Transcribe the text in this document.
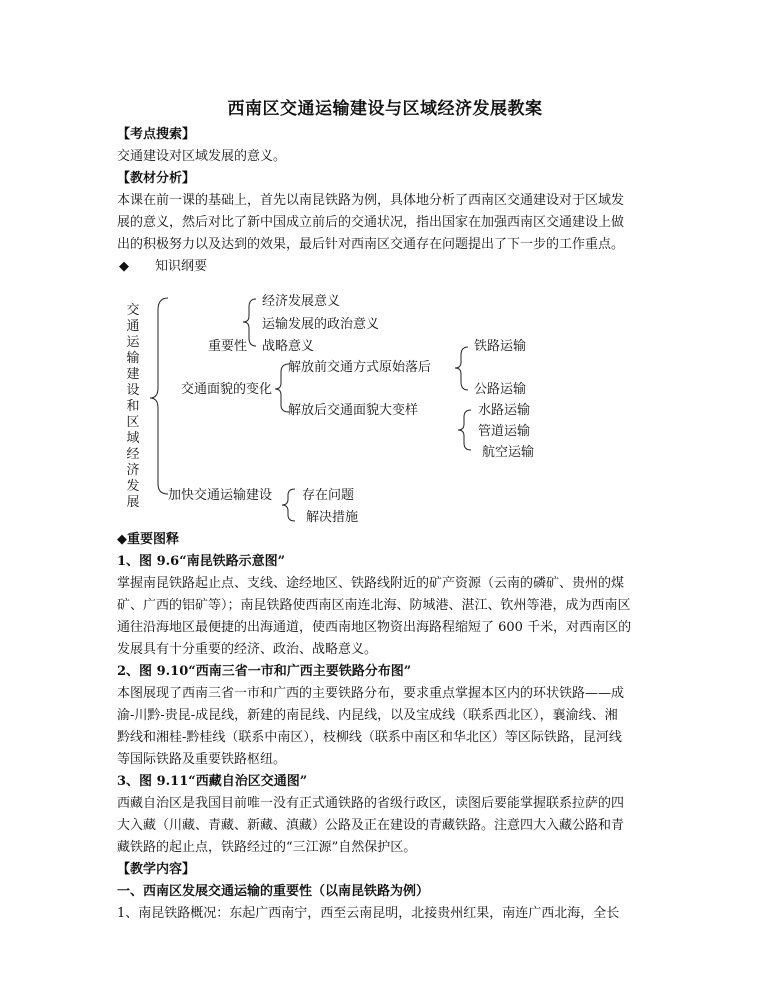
西南区交通运输建设与区域经济发展教案
【考点搜索】
交通建设对区域发展的意义。
【教材分析】
本课在前一课的基础上，首先以南昆铁路为例，具体地分析了西南区交通建设对于区域发
展的意义，然后对比了新中国成立前后的交通状况，指出国家在加强西南区交通建设上做
出的积极努力以及达到的效果，最后针对西南区交通存在问题提出了下一步的工作重点。
◆	知识纲要
交
通
运
输
建
设
和
区
域
经
济
发
展
经济发展意义
运输发展的政治意义
重要性 战略意义	铁路运输
解放前交通方式原始落后
交通面貌的变化	公路运输
解放后交通面貌大变样	水路运输
管道运输
航空运输
加快交通运输建设 存在问题
解决措施
◆重要图释
1、图 9.6“南昆铁路示意图”
掌握南昆铁路起止点、支线、途经地区、铁路线附近的矿产资源（云南的磷矿、贵州的煤
矿、广西的铝矿等）；南昆铁路使西南区南连北海、防城港、湛江、钦州等港，成为西南区
通往沿海地区最便捷的出海通道，使西南地区物资出海路程缩短了 600 千米，对西南区的
发展具有十分重要的经济、政治、战略意义。
2、图 9.10“西南三省一市和广西主要铁路分布图”
本图展现了西南三省一市和广西的主要铁路分布，要求重点掌握本区内的环状铁路——成
渝-川黔-贵昆-成昆线，新建的南昆线、内昆线，以及宝成线（联系西北区），襄渝线、湘
黔线和湘桂-黔桂线（联系中南区），枝柳线（联系中南区和华北区）等区际铁路，昆河线
等国际铁路及重要铁路枢纽。
3、图 9.11“西藏自治区交通图”
西藏自治区是我国目前唯一没有正式通铁路的省级行政区，读图后要能掌握联系拉萨的四
大入藏（川藏、青藏、新藏、滇藏）公路及正在建设的青藏铁路。注意四大入藏公路和青
藏铁路的起止点，铁路经过的“三江源”自然保护区。
【教学内容】
一、西南区发展交通运输的重要性（以南昆铁路为例）
1、南昆铁路概况：东起广西南宁，西至云南昆明，北接贵州红果，南连广西北海，全长
